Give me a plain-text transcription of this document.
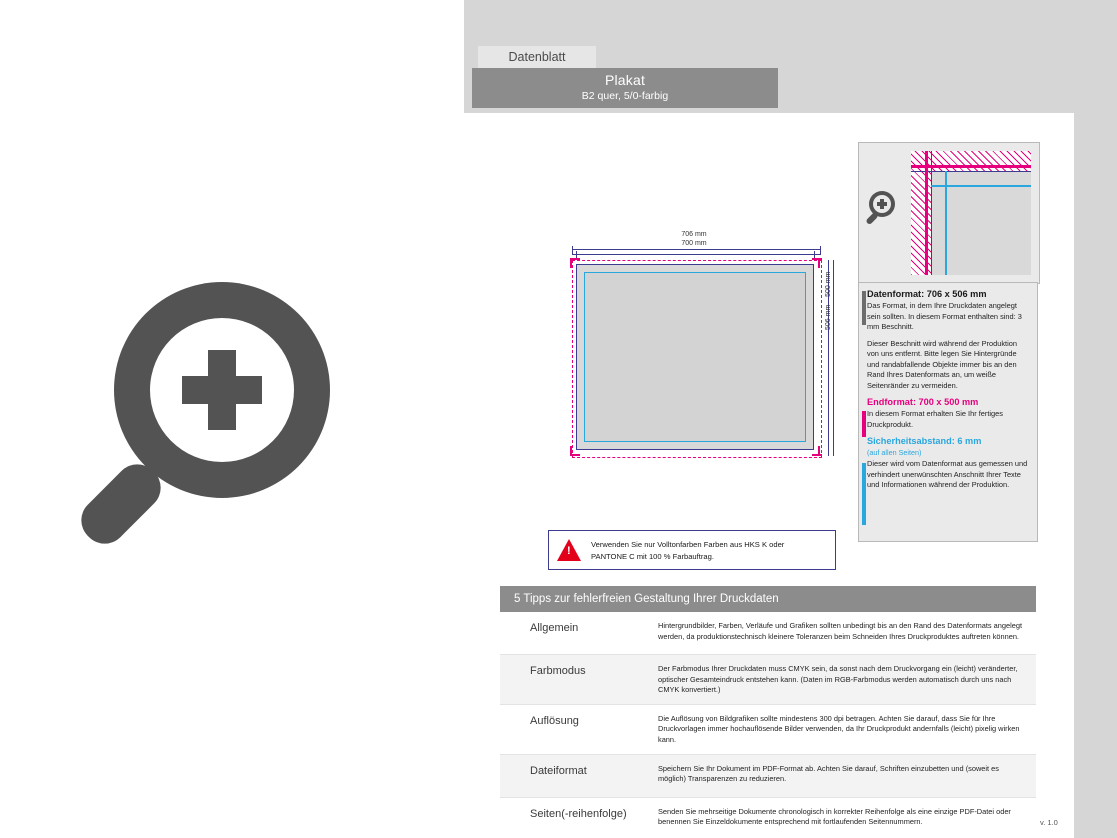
Datenblatt
Plakat
B2 quer, 5/0-farbig
706 mm
700 mm
506 mm    500 mm	Datenformat: 706 x 506 mm

Das Format, in dem Ihre Druckdaten angelegt sein sollten. In diesem Format enthalten sind: 3 mm Beschnitt.

Dieser Beschnitt wird während der Produktion von uns entfernt. Bitte legen Sie Hintergründe und randabfallende Objekte immer bis an den Rand Ihres Datenformats an, um weiße Seitenränder zu vermeiden.

Endformat: 700 x 500 mm

In diesem Format erhalten Sie Ihr fertiges Druckprodukt.

Sicherheitsabstand: 6 mm
(auf allen Seiten)

Dieser wird vom Datenformat aus gemessen und verhindert unerwünschten Anschnitt Ihrer Texte und Informationen während der Produktion.

!
Verwenden Sie nur Volltonfarben Farben aus HKS K oder
PANTONE C mit 100 % Farbauftrag.
5 Tipps zur fehlerfreien Gestaltung Ihrer Druckdaten
Allgemein	Hintergrundbilder, Farben, Verläufe und Grafiken sollten unbedingt bis an den Rand des Datenformats angelegt werden, da produktionstechnisch kleinere Toleranzen beim Schneiden Ihres Druckproduktes auftreten können.
Farbmodus	Der Farbmodus Ihrer Druckdaten muss CMYK sein, da sonst nach dem Druckvorgang ein (leicht) veränderter, optischer Gesamteindruck entstehen kann. (Daten im RGB-Farbmodus werden automatisch durch uns nach CMYK konvertiert.)
Auflösung	Die Auflösung von Bildgrafiken sollte mindestens 300 dpi betragen. Achten Sie darauf, dass Sie für Ihre Druckvorlagen immer hochauflösende Bilder verwenden, da Ihr Druckprodukt andernfalls (leicht) pixelig wirken kann.
Dateiformat	Speichern Sie Ihr Dokument im PDF-Format ab. Achten Sie darauf, Schriften einzubetten und (soweit es möglich) Transparenzen zu reduzieren.
Seiten(-reihenfolge)	Senden Sie mehrseitige Dokumente chronologisch in korrekter Reihenfolge als eine einzige PDF-Datei oder benennen Sie Einzeldokumente entsprechend mit fortlaufenden Seitennummern.	v. 1.0
